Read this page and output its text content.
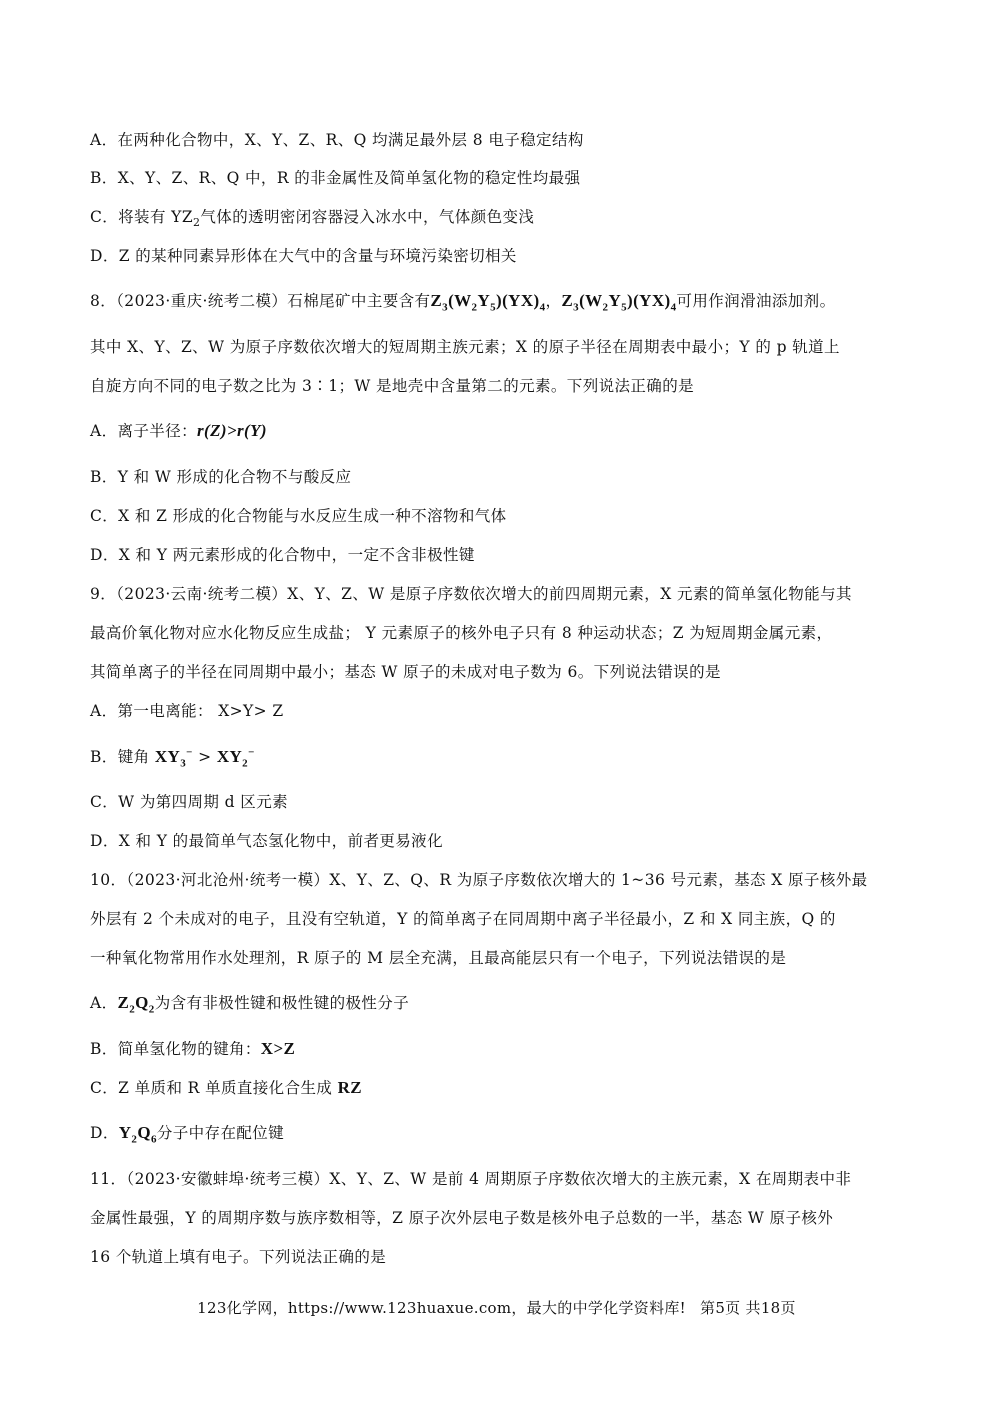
A．在两种化合物中，X、Y、Z、R、Q 均满足最外层 8 电子稳定结构
B．X、Y、Z、R、Q 中，R 的非金属性及简单氢化物的稳定性均最强
C．将装有 $YZ_2$气体的透明密闭容器浸入冰水中，气体颜色变浅
D．Z 的某种同素异形体在大气中的含量与环境污染密切相关
8．（2023·重庆·统考二模）石棉尾矿中主要含有$Z_3(W_2Y_5)(YX)_4$，$Z_3(W_2Y_5)(YX)_4$可用作润滑油添加剂。
其中 X、Y、Z、W 为原子序数依次增大的短周期主族元素；X 的原子半径在周期表中最小；Y 的 p 轨道上
自旋方向不同的电子数之比为 3∶1；W 是地壳中含量第二的元素。下列说法正确的是
A．离子半径：r(Z)>r(Y)
B．Y 和 W 形成的化合物不与酸反应
C．X 和 Z 形成的化合物能与水反应生成一种不溶物和气体
D．X 和 Y 两元素形成的化合物中，一定不含非极性键
9．（2023·云南·统考二模）X、Y、Z、W 是原子序数依次增大的前四周期元素，X 元素的简单氢化物能与其
最高价氧化物对应水化物反应生成盐； Y 元素原子的核外电子只有 8 种运动状态；Z 为短周期金属元素，
其简单离子的半径在同周期中最小；基态 W 原子的未成对电子数为 6。下列说法错误的是
A．第一电离能： X>Y> Z
B．键角 $XY_3^- > XY_2^-$
C．W 为第四周期 d 区元素
D．X 和 Y 的最简单气态氢化物中，前者更易液化
10．（2023·河北沧州·统考一模）X、Y、Z、Q、R 为原子序数依次增大的 1~36 号元素，基态 X 原子核外最
外层有 2 个未成对的电子，且没有空轨道，Y 的简单离子在同周期中离子半径最小，Z 和 X 同主族，Q 的
一种氧化物常用作水处理剂，R 原子的 M 层全充满，且最高能层只有一个电子，下列说法错误的是
A．$Z_2Q_2$为含有非极性键和极性键的极性分子
B．简单氢化物的键角：X>Z
C．Z 单质和 R 单质直接化合生成 RZ
D．$Y_2Q_6$分子中存在配位键
11．（2023·安徽蚌埠·统考三模）X、Y、Z、W 是前 4 周期原子序数依次增大的主族元素，X 在周期表中非
金属性最强，Y 的周期序数与族序数相等，Z 原子次外层电子数是核外电子总数的一半，基态 W 原子核外
16 个轨道上填有电子。下列说法正确的是
123化学网，https://www.123huaxue.com，最大的中学化学资料库! 第5页 共18页
